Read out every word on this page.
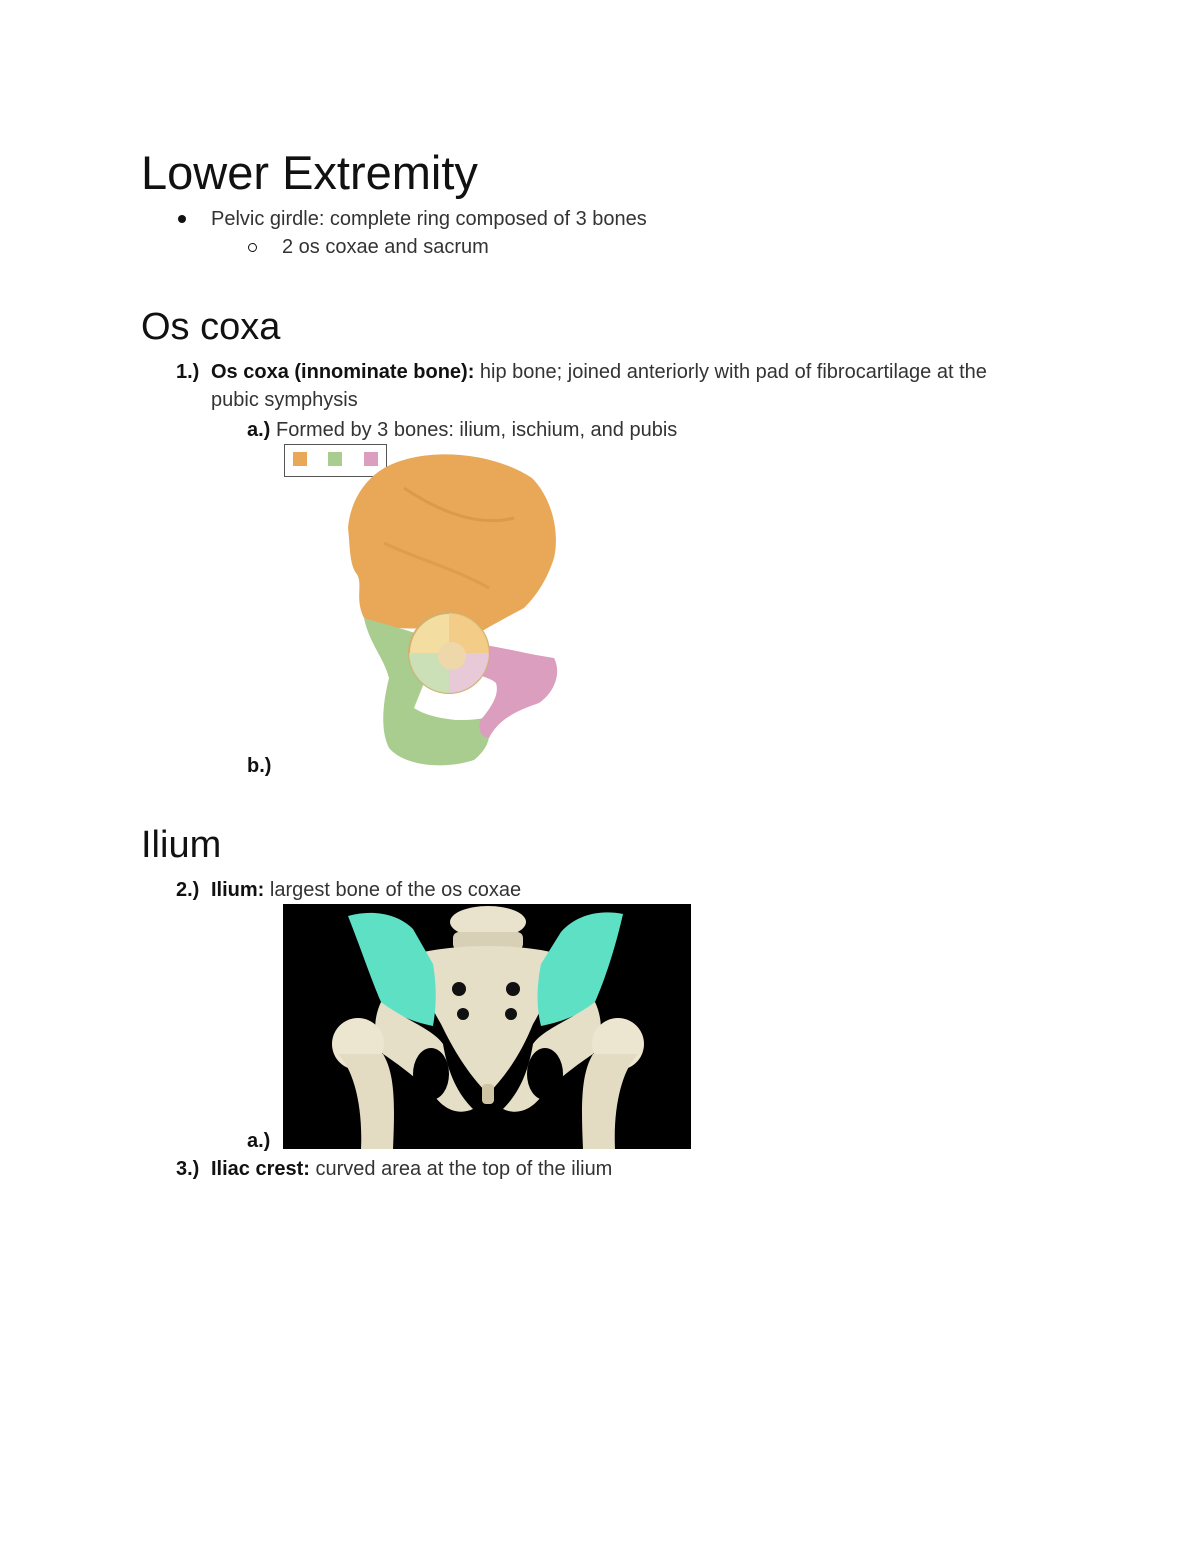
Lower Extremity
Pelvic girdle: complete ring composed of 3 bones
2 os coxae and sacrum
Os coxa
1.) Os coxa (innominate bone): hip bone; joined anteriorly with pad of fibrocartilage at the
pubic symphysis
a.) Formed by 3 bones: ilium, ischium, and pubis
b.)
Ilium
2.) Ilium: largest bone of the os coxae
a.)
3.) Iliac crest: curved area at the top of the ilium
